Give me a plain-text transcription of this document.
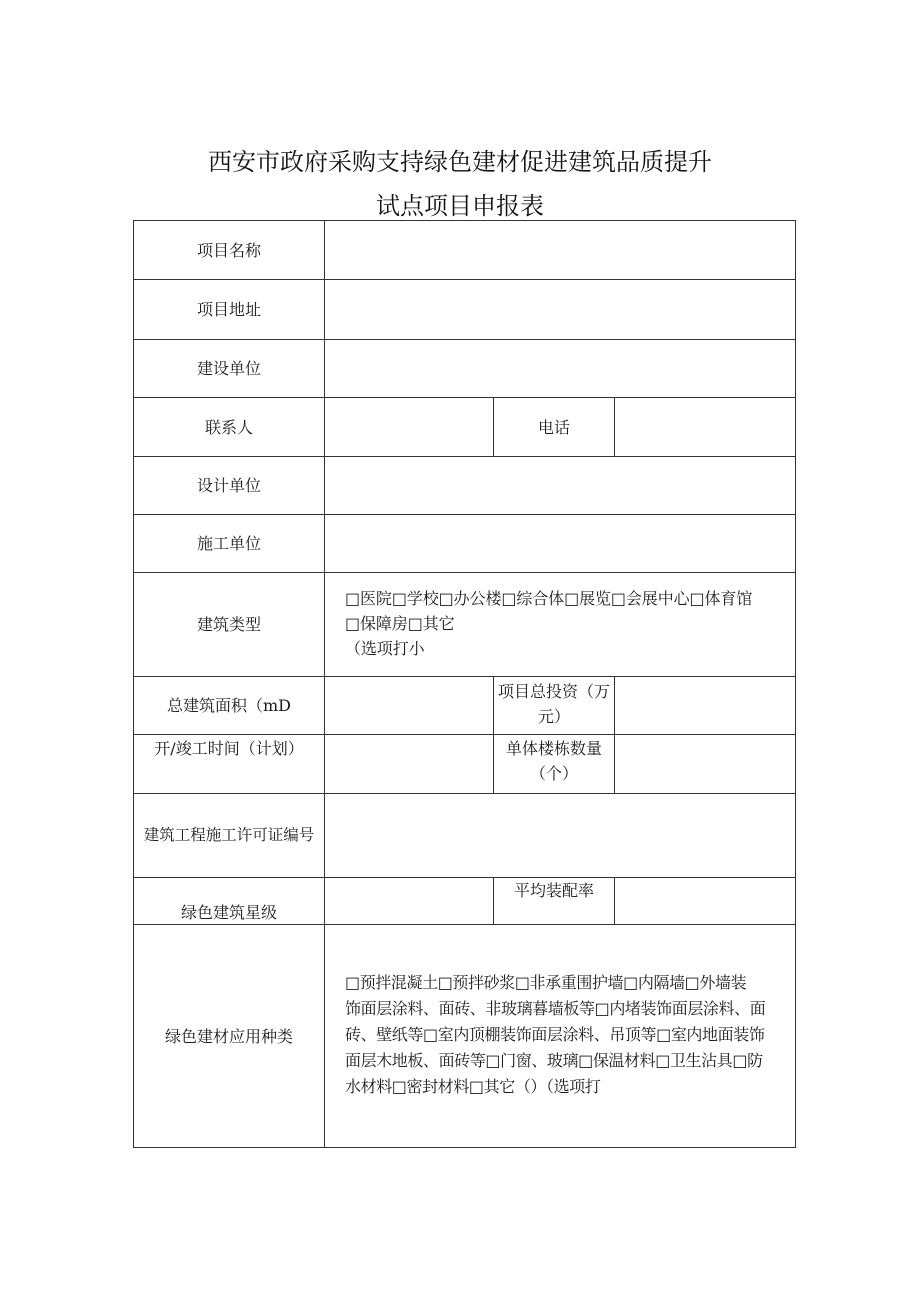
西安市政府采购支持绿色建材促进建筑品质提升
试点项目申报表
项目名称
项目地址
建设单位
联系人	电话
设计单位
施工单位
建筑类型
□医院□学校□办公楼□综合体□展览□会展中心□体育馆
□保障房□其它
（选项打小
总建筑面积（mD
项目总投资（万
元）
开/竣工时间（计划）	单体楼栋数量
（个）
建筑工程施工许可证编号
绿色建筑星级
平均装配率
绿色建材应用种类
□预拌混凝土□预拌砂浆□非承重围护墙□内隔墙□外墙装
饰面层涂料、面砖、非玻璃暮墙板等□内堵装饰面层涂料、面
砖、壁纸等□室内顶棚装饰面层涂料、吊顶等□室内地面装饰
面层木地板、面砖等□门窗、玻璃□保温材料□卫生沾具□防
水材料□密封材料□其它（）（选项打
